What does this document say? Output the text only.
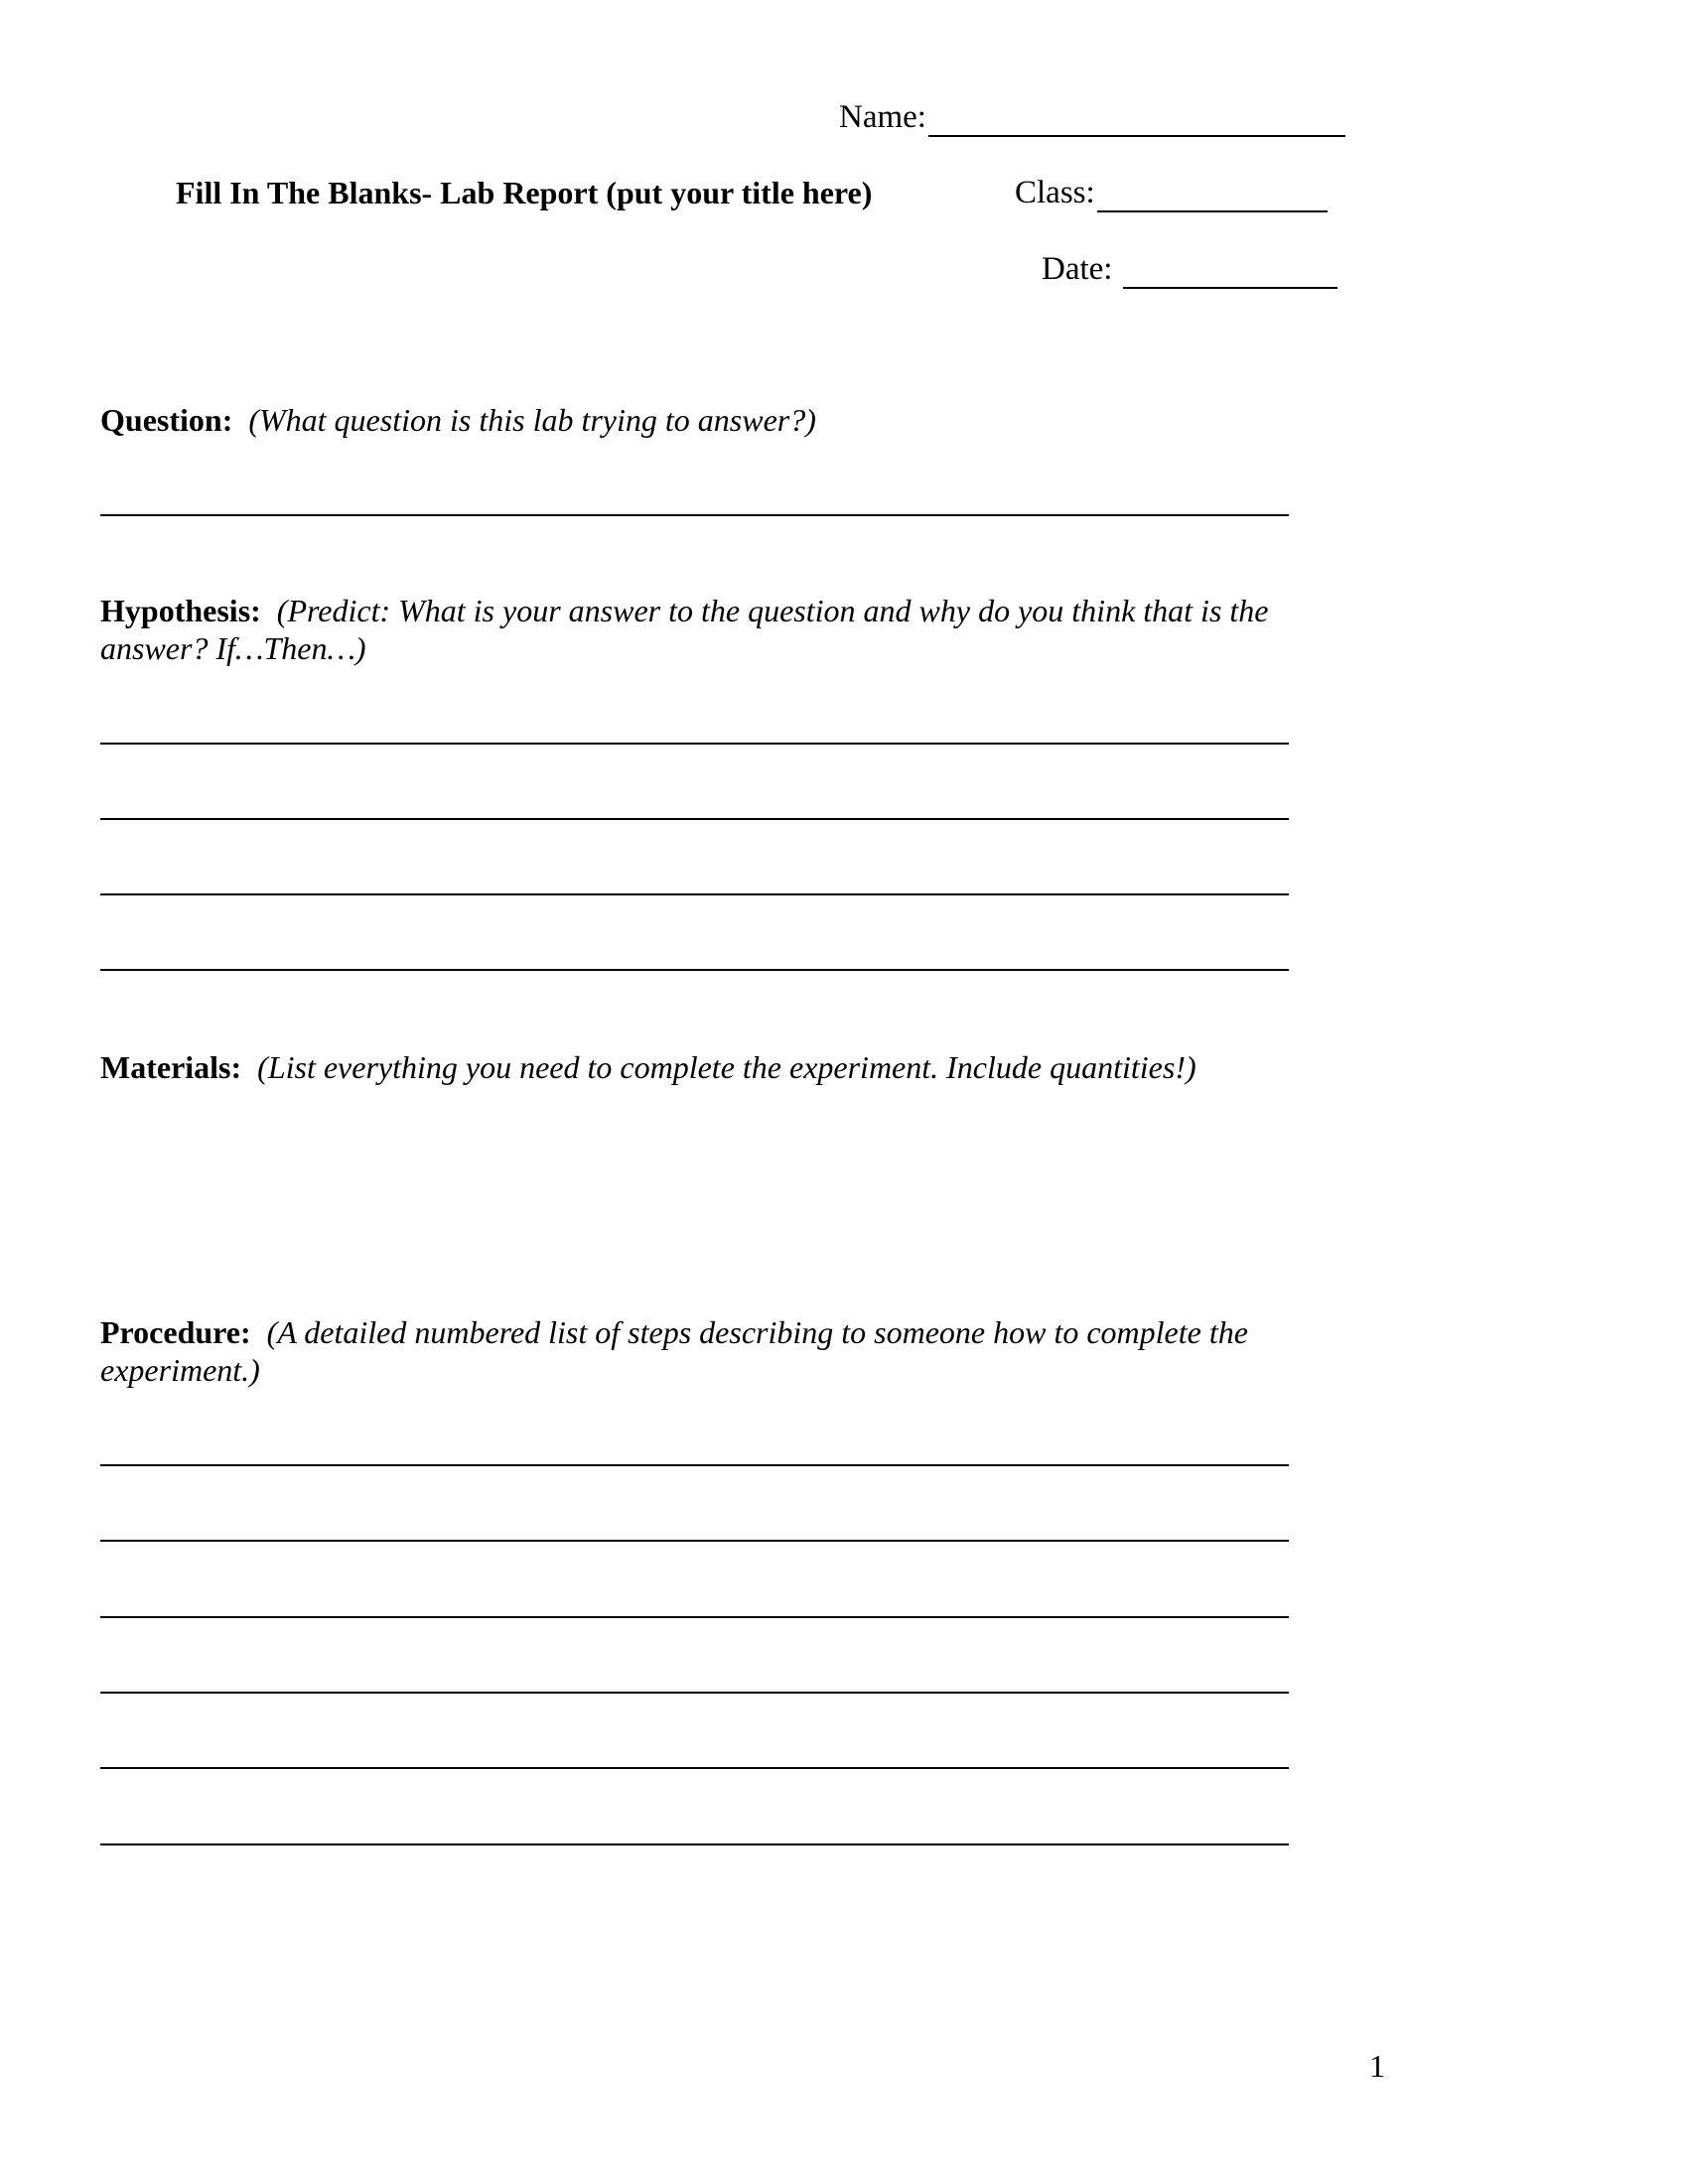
Name:
Fill In The Blanks- Lab Report (put your title here)	Class:
Date:
Question: (What question is this lab trying to answer?)
Hypothesis: (Predict: What is your answer to the question and why do you think that is the answer? If…Then…)
Materials: (List everything you need to complete the experiment. Include quantities!)
Procedure: (A detailed numbered list of steps describing to someone how to complete the experiment.)
1
